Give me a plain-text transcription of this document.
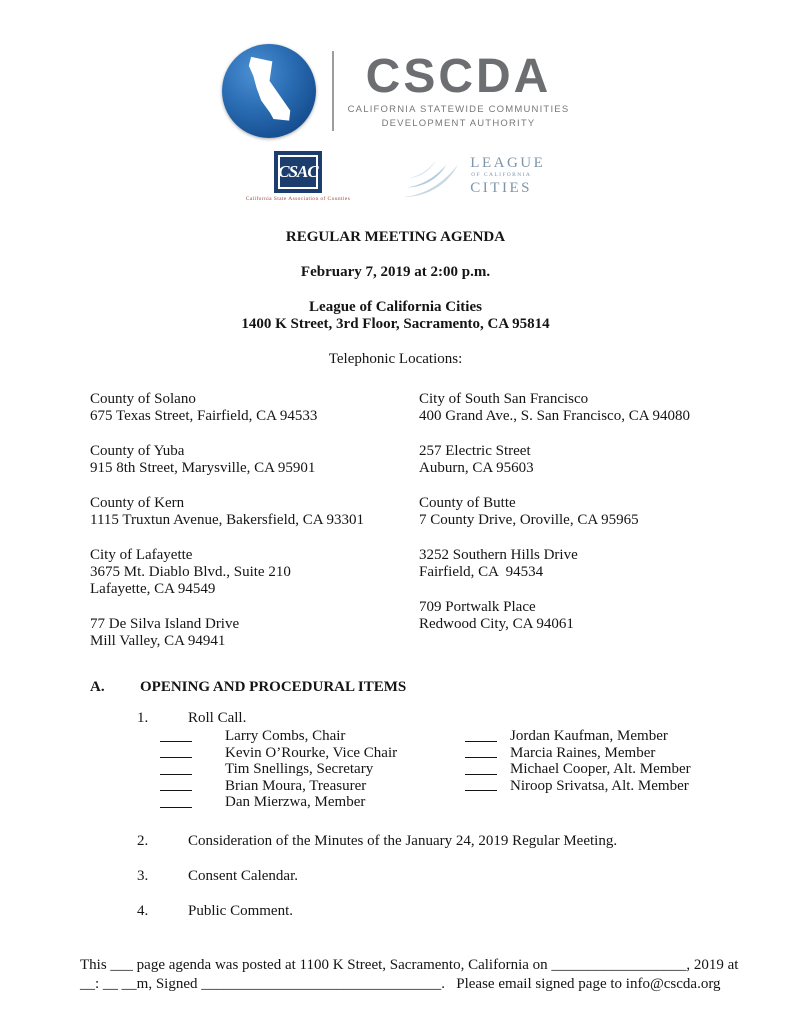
CSCDA
CALIFORNIA STATEWIDE COMMUNITIES
DEVELOPMENT AUTHORITY
CSAC
California State Association of Counties
LEAGUE
OF CALIFORNIA
CITIES
REGULAR MEETING AGENDA
February 7, 2019 at 2:00 p.m.
League of California Cities
1400 K Street, 3rd Floor, Sacramento, CA 95814
Telephonic Locations:
County of Solano
675 Texas Street, Fairfield, CA 94533
County of Yuba
915 8th Street, Marysville, CA 95901
County of Kern
1115 Truxtun Avenue, Bakersfield, CA 93301
City of Lafayette
3675 Mt. Diablo Blvd., Suite 210
Lafayette, CA 94549
77 De Silva Island Drive
Mill Valley, CA 94941
City of South San Francisco
400 Grand Ave., S. San Francisco, CA 94080
257 Electric Street
Auburn, CA 95603
County of Butte
7 County Drive, Oroville, CA 95965
3252 Southern Hills Drive
Fairfield, CA  94534
709 Portwalk Place
Redwood City, CA 94061
A.	OPENING AND PROCEDURAL ITEMS
1.	Roll Call.
Larry Combs, Chair
Kevin O’Rourke, Vice Chair
Tim Snellings, Secretary
Brian Moura, Treasurer
Dan Mierzwa, Member
Jordan Kaufman, Member
Marcia Raines, Member
Michael Cooper, Alt. Member
Niroop Srivatsa, Alt. Member
2.	Consideration of the Minutes of the January 24, 2019 Regular Meeting.
3.	Consent Calendar.
4.	Public Comment.
This ___ page agenda was posted at 1100 K Street, Sacramento, California on __________________, 2019 at
__: __ __m, Signed ________________________________.   Please email signed page to info@cscda.org
